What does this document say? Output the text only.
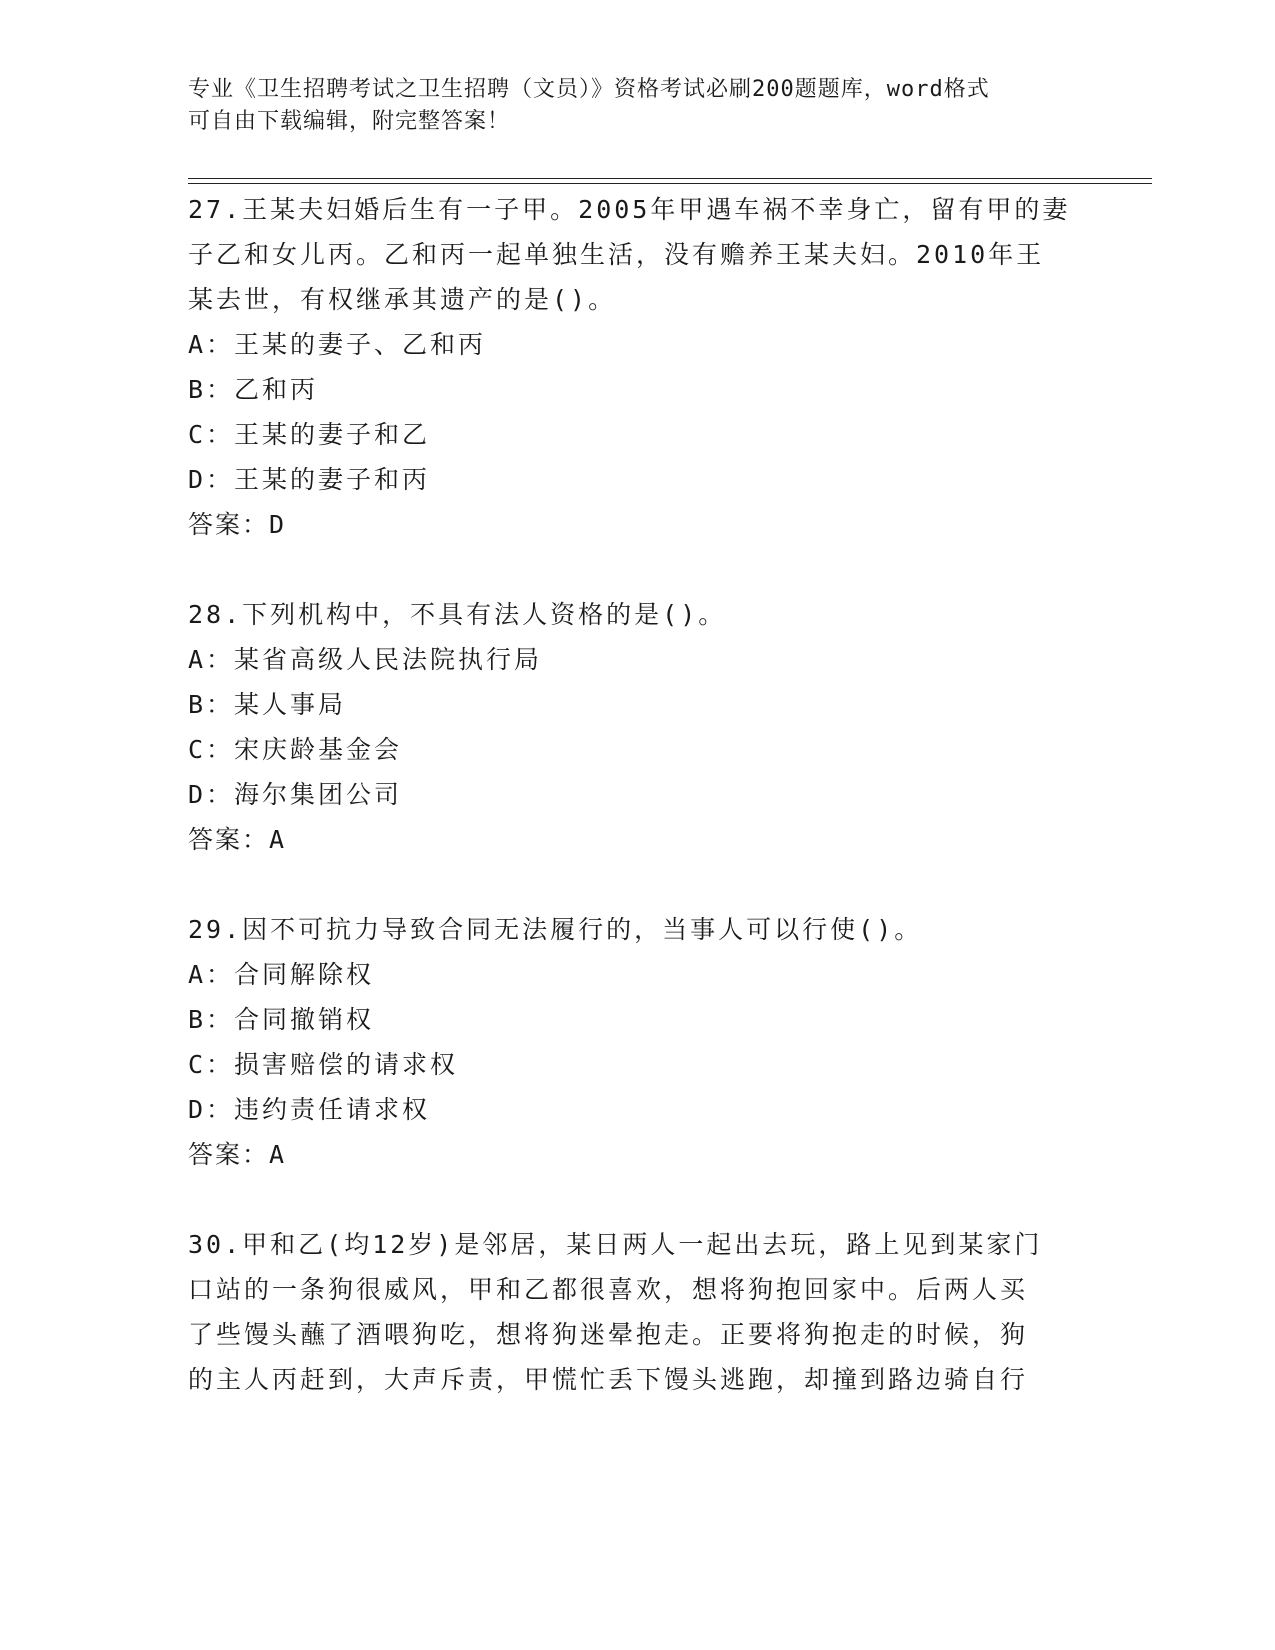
专业《卫生招聘考试之卫生招聘（文员）》资格考试必刷200题题库，word格式
可自由下载编辑，附完整答案！
27.王某夫妇婚后生有一子甲。2005年甲遇车祸不幸身亡，留有甲的妻
子乙和女儿丙。乙和丙一起单独生活，没有赡养王某夫妇。2010年王
某去世，有权继承其遗产的是()。
A：王某的妻子、乙和丙
B：乙和丙
C：王某的妻子和乙
D：王某的妻子和丙
答案：D
28.下列机构中，不具有法人资格的是()。
A：某省高级人民法院执行局
B：某人事局
C：宋庆龄基金会
D：海尔集团公司
答案：A
29.因不可抗力导致合同无法履行的，当事人可以行使()。
A：合同解除权
B：合同撤销权
C：损害赔偿的请求权
D：违约责任请求权
答案：A
30.甲和乙(均12岁)是邻居，某日两人一起出去玩，路上见到某家门
口站的一条狗很威风，甲和乙都很喜欢，想将狗抱回家中。后两人买
了些馒头蘸了酒喂狗吃，想将狗迷晕抱走。正要将狗抱走的时候，狗
的主人丙赶到，大声斥责，甲慌忙丢下馒头逃跑，却撞到路边骑自行
